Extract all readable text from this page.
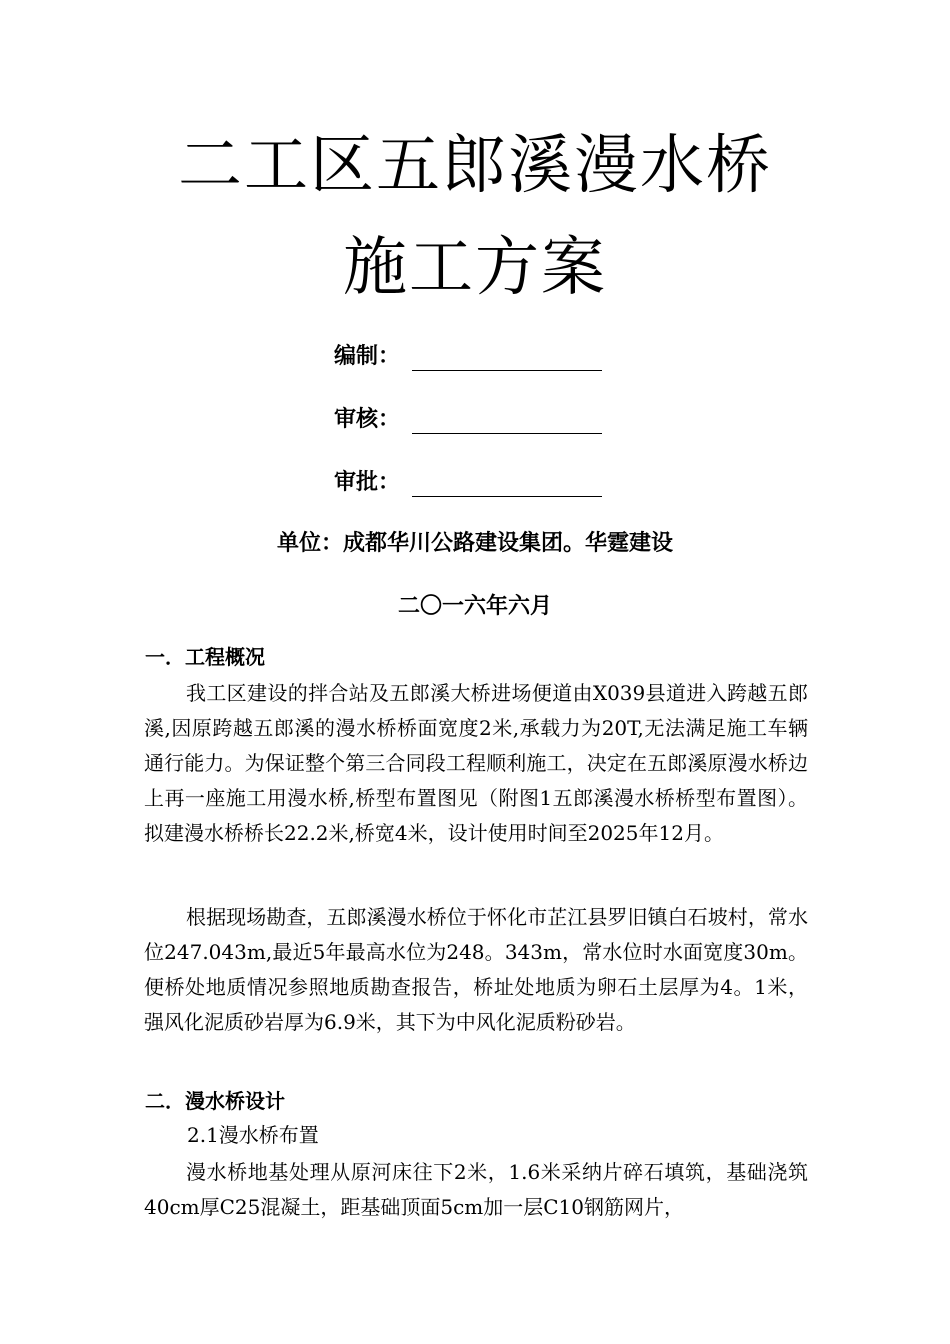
二工区五郎溪漫水桥
施工方案
编制：
审核：
审批：
单位：成都华川公路建设集团。华霆建设
二〇一六年六月
一．工程概况

我工区建设的拌合站及五郎溪大桥进场便道由X039县道进入跨越五郎溪,因原跨越五郎溪的漫水桥桥面宽度2米,承载力为20T,无法满足施工车辆通行能力。为保证整个第三合同段工程顺利施工，决定在五郎溪原漫水桥边上再一座施工用漫水桥,桥型布置图见（附图1五郎溪漫水桥桥型布置图）。拟建漫水桥桥长22.2米,桥宽4米，设计使用时间至2025年12月。

根据现场勘查，五郎溪漫水桥位于怀化市芷江县罗旧镇白石坡村，常水位247.043m,最近5年最高水位为248。343m，常水位时水面宽度30m。便桥处地质情况参照地质勘查报告，桥址处地质为卵石土层厚为4。1米，强风化泥质砂岩厚为6.9米，其下为中风化泥质粉砂岩。

二．漫水桥设计
2.1漫水桥布置

漫水桥地基处理从原河床往下2米，1.6米采纳片碎石填筑，基础浇筑40cm厚C25混凝土，距基础顶面5cm加一层C10钢筋网片，
